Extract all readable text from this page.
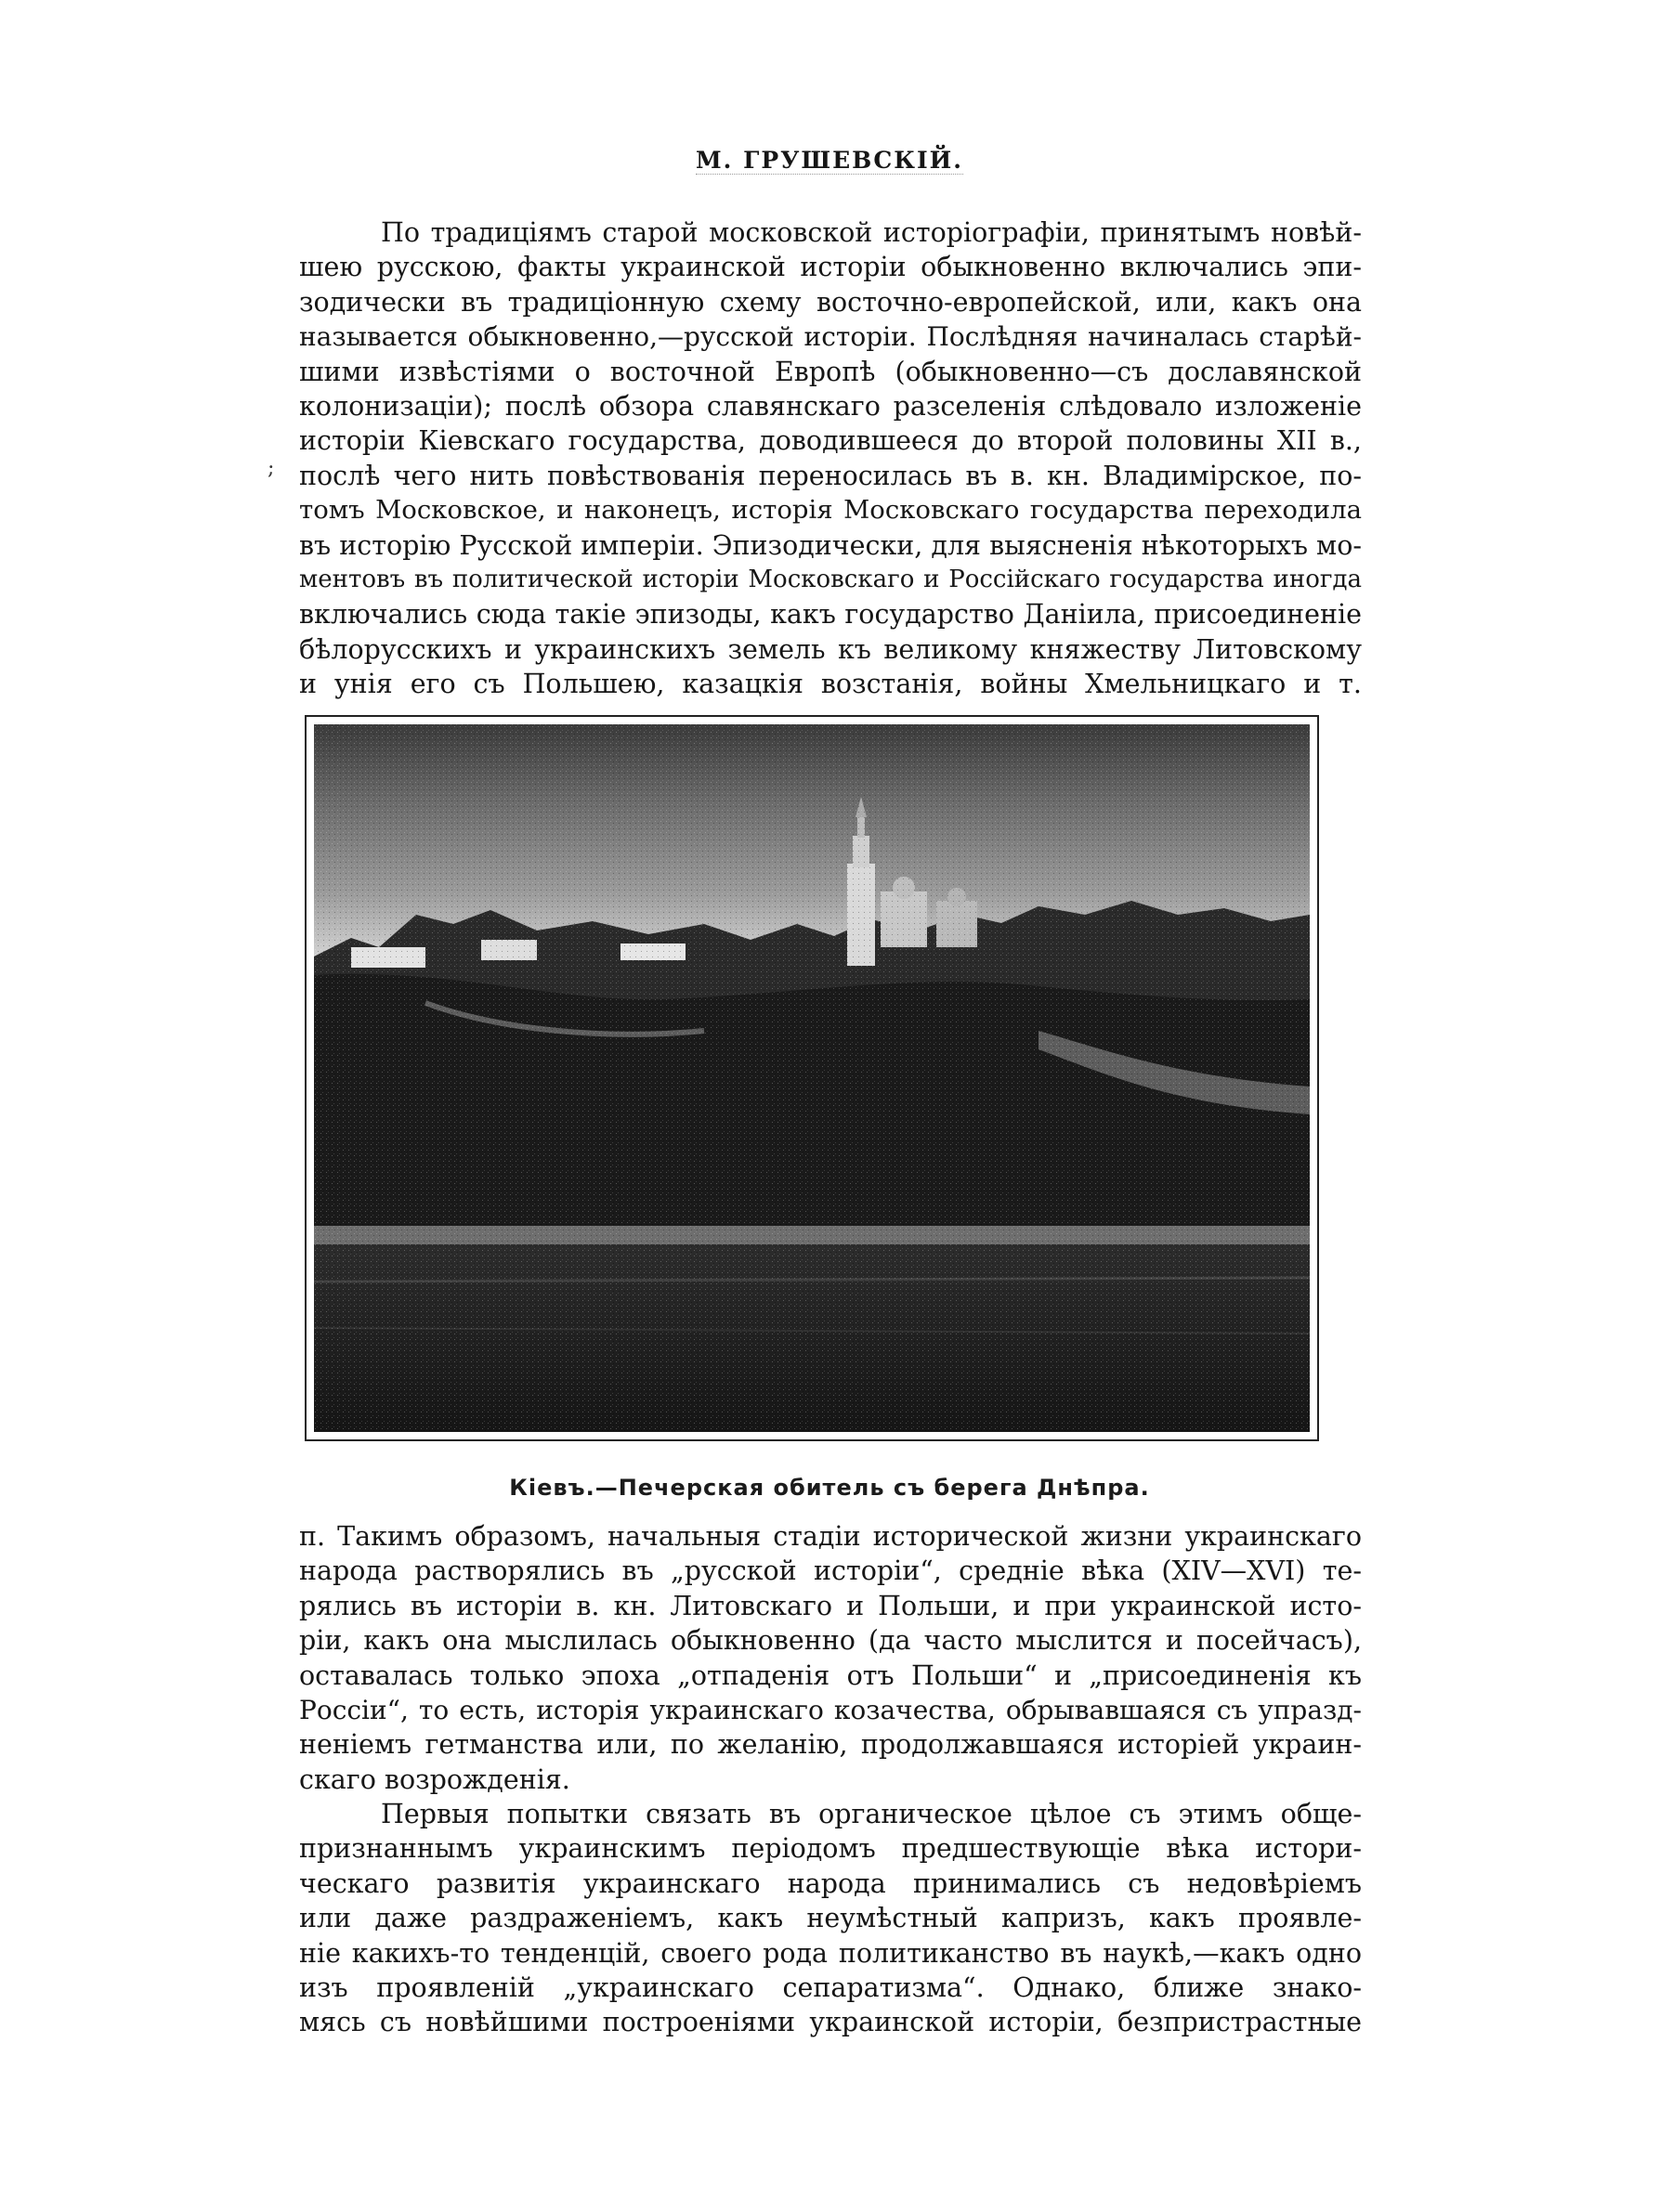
М. ГРУШЕВСКІЙ.
По традиціямъ старой московской исторіографіи, принятымъ новѣй-
шею русскою, факты украинской исторіи обыкновенно включались эпи-
зодически въ традиціонную схему восточно-европейской, или, какъ она
называется обыкновенно,—русской исторіи. Послѣдняя начиналась старѣй-
шими извѣстіями о восточной Европѣ (обыкновенно—съ дославянской
колонизаціи); послѣ обзора славянскаго разселенія слѣдовало изложеніе
исторіи Кіевскаго государства, доводившееся до второй половины XII в.,
послѣ чего нить повѣствованія переносилась въ в. кн. Владимірское, по-
томъ Московское, и наконецъ, исторія Московскаго государства переходила
въ исторію Русской имперіи. Эпизодически, для выясненія нѣкоторыхъ мо-
ментовъ въ политической исторіи Московскаго и Россійскаго государства иногда
включались сюда такіе эпизоды, какъ государство Даніила, присоединеніе
бѣлорусскихъ и украинскихъ земель къ великому княжеству Литовскому
и унія его съ Польшею, казацкія возстанія, войны Хмельницкаго и т.
;
Кіевъ.—Печерская обитель съ берега Днѣпра.
п. Такимъ образомъ, начальныя стадіи исторической жизни украинскаго
народа растворялись въ „русской исторіи“, средніе вѣка (XIV—XVI) те-
рялись въ исторіи в. кн. Литовскаго и Польши, и при украинской исто-
ріи, какъ она мыслилась обыкновенно (да часто мыслится и посейчасъ),
оставалась только эпоха „отпаденія отъ Польши“ и „присоединенія къ
Россіи“, то есть, исторія украинскаго козачества, обрывавшаяся съ упразд-
неніемъ гетманства или, по желанію, продолжавшаяся исторіей украин-
скаго возрожденія.
Первыя попытки связать въ органическое цѣлое съ этимъ обще-
признаннымъ украинскимъ періодомъ предшествующіе вѣка истори-
ческаго развитія украинскаго народа принимались съ недовѣріемъ
или даже раздраженіемъ, какъ неумѣстный капризъ, какъ проявле-
ніе какихъ-то тенденцій, своего рода политиканство въ наукѣ,—какъ одно
изъ проявленій „украинскаго сепаратизма“. Однако, ближе знако-
мясь съ новѣйшими построеніями украинской исторіи, безпристрастные
